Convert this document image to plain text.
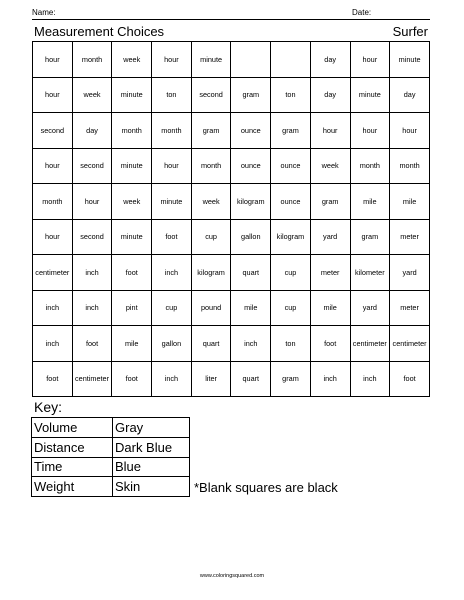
Name:	Date:
Measurement Choices	Surfer
hour	month	week	hour	minute			day	hour	minute
hour	week	minute	ton	second	gram	ton	day	minute	day
second	day	month	month	gram	ounce	gram	hour	hour	hour
hour	second	minute	hour	month	ounce	ounce	week	month	month
month	hour	week	minute	week	kilogram	ounce	gram	mile	mile
hour	second	minute	foot	cup	gallon	kilogram	yard	gram	meter
centimeter	inch	foot	inch	kilogram	quart	cup	meter	kilometer	yard
inch	inch	pint	cup	pound	mile	cup	mile	yard	meter
inch	foot	mile	gallon	quart	inch	ton	foot	centimeter	centimeter
foot	centimeter	foot	inch	liter	quart	gram	inch	inch	foot
Key:
Volume	Gray
Distance	Dark Blue
Time	Blue
Weight	Skin	*Blank squares are black
www.coloringsquared.com
